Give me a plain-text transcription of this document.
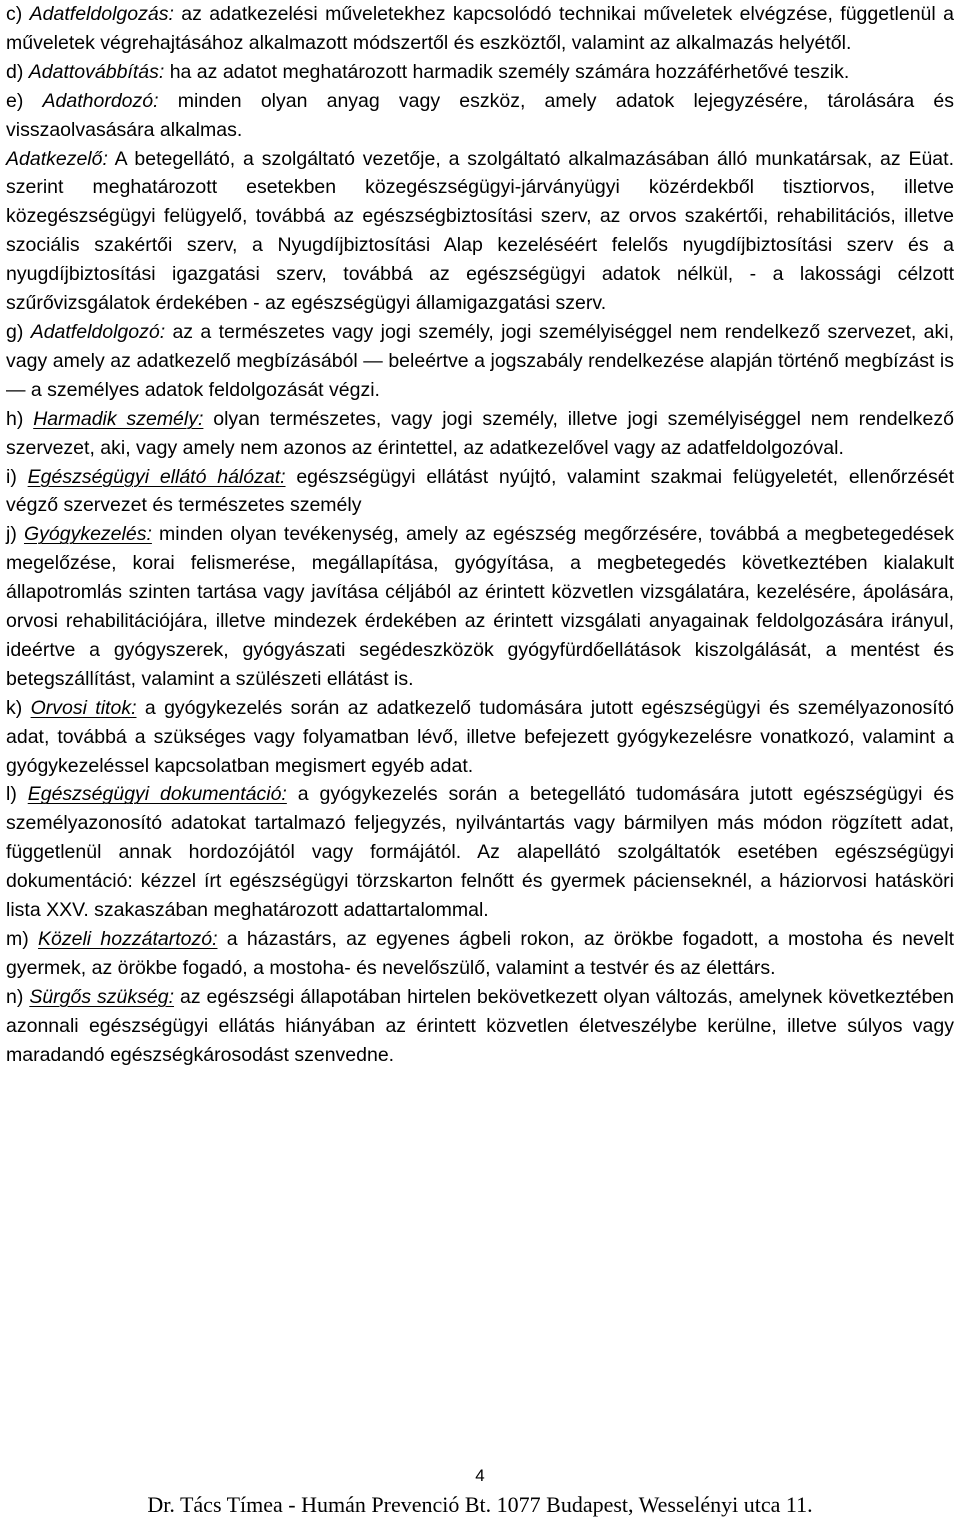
c) Adatfeldolgozás: az adatkezelési műveletekhez kapcsolódó technikai műveletek elvégzése, függetlenül a műveletek végrehajtásához alkalmazott módszertől és eszköztől, valamint az alkalmazás helyétől.

d) Adattovábbítás: ha az adatot meghatározott harmadik személy számára hozzáférhetővé teszik.

e) Adathordozó: minden olyan anyag vagy eszköz, amely adatok lejegyzésére, tárolására és visszaolvasására alkalmas.

Adatkezelő: A betegellátó, a szolgáltató vezetője, a szolgáltató alkalmazásában álló munkatársak, az Eüat. szerint meghatározott esetekben közegészségügyi-járványügyi közérdekből tisztiorvos, illetve közegészségügyi felügyelő, továbbá az egészségbiztosítási szerv, az orvos szakértői, rehabilitációs, illetve szociális szakértői szerv, a Nyugdíjbiztosítási Alap kezeléséért felelős nyugdíjbiztosítási szerv és a nyugdíjbiztosítási igazgatási szerv, továbbá az egészségügyi adatok nélkül, - a lakossági célzott szűrővizsgálatok érdekében - az egészségügyi államigazgatási szerv.

g) Adatfeldolgozó: az a természetes vagy jogi személy, jogi személyiséggel nem rendelkező szervezet, aki, vagy amely az adatkezelő megbízásából — beleértve a jogszabály rendelkezése alapján történő megbízást is — a személyes adatok feldolgozását végzi.

h) Harmadik személy: olyan természetes, vagy jogi személy, illetve jogi személyiséggel nem rendelkező szervezet, aki, vagy amely nem azonos az érintettel, az adatkezelővel vagy az adatfeldolgozóval.

i) Egészségügyi ellátó hálózat: egészségügyi ellátást nyújtó, valamint szakmai felügyeletét, ellenőrzését végző szervezet és természetes személy

j) Gyógykezelés: minden olyan tevékenység, amely az egészség megőrzésére, továbbá a megbetegedések megelőzése, korai felismerése, megállapítása, gyógyítása, a megbetegedés következtében kialakult állapotromlás szinten tartása vagy javítása céljából az érintett közvetlen vizsgálatára, kezelésére, ápolására, orvosi rehabilitációjára, illetve mindezek érdekében az érintett vizsgálati anyagainak feldolgozására irányul, ideértve a gyógyszerek, gyógyászati segédeszközök gyógyfürdőellátások kiszolgálását, a mentést és betegszállítást, valamint a szülészeti ellátást is.

k) Orvosi titok: a gyógykezelés során az adatkezelő tudomására jutott egészségügyi és személyazonosító adat, továbbá a szükséges vagy folyamatban lévő, illetve befejezett gyógykezelésre vonatkozó, valamint a gyógykezeléssel kapcsolatban megismert egyéb adat.

l) Egészségügyi dokumentáció: a gyógykezelés során a betegellátó tudomására jutott egészségügyi és személyazonosító adatokat tartalmazó feljegyzés, nyilvántartás vagy bármilyen más módon rögzített adat, függetlenül annak hordozójától vagy formájától. Az alapellátó szolgáltatók esetében egészségügyi dokumentáció: kézzel írt egészségügyi törzskarton felnőtt és gyermek pácienseknél, a háziorvosi hatásköri lista XXV. szakaszában meghatározott adattartalommal.

m) Közeli hozzátartozó: a házastárs, az egyenes ágbeli rokon, az örökbe fogadott, a mostoha és nevelt gyermek, az örökbe fogadó, a mostoha- és nevelőszülő, valamint a testvér és az élettárs.

n) Sürgős szükség: az egészségi állapotában hirtelen bekövetkezett olyan változás, amelynek következtében azonnali egészségügyi ellátás hiányában az érintett közvetlen életveszélybe kerülne, illetve súlyos vagy maradandó egészségkárosodást szenvedne.

4
Dr. Tács Tímea - Humán Prevenció Bt. 1077 Budapest, Wesselényi utca 11.
